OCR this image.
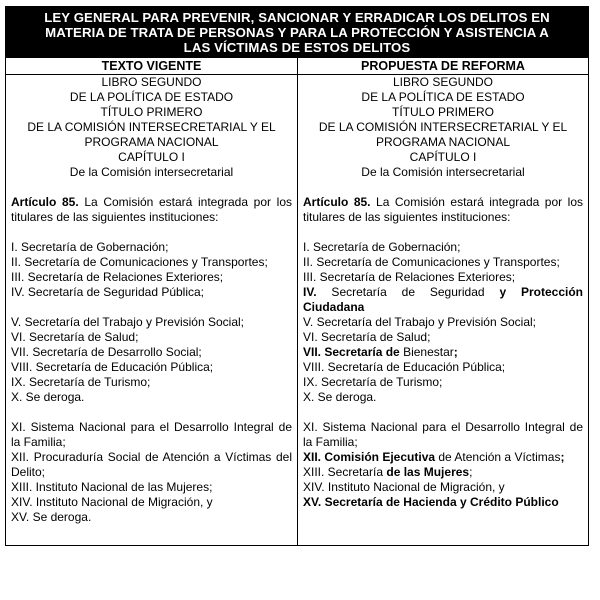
LEY GENERAL PARA PREVENIR, SANCIONAR Y ERRADICAR LOS DELITOS EN
MATERIA DE TRATA DE PERSONAS Y PARA LA PROTECCIÓN Y ASISTENCIA A
LAS VÍCTIMAS DE ESTOS DELITOS
TEXTO VIGENTE
LIBRO SEGUNDO
DE LA POLÍTICA DE ESTADO
TÍTULO PRIMERO
DE LA COMISIÓN INTERSECRETARIAL Y EL
PROGRAMA NACIONAL
CAPÍTULO I
De la Comisión intersecretarial
Artículo 85. La Comisión estará integrada por los titulares de las siguientes instituciones:
I. Secretaría de Gobernación;
II. Secretaría de Comunicaciones y Transportes;
III. Secretaría de Relaciones Exteriores;
IV. Secretaría de Seguridad Pública;
V. Secretaría del Trabajo y Previsión Social;
VI. Secretaría de Salud;
VII. Secretaría de Desarrollo Social;
VIII. Secretaría de Educación Pública;
IX. Secretaría de Turismo;
X. Se deroga.
XI. Sistema Nacional para el Desarrollo Integral de la Familia;
XII. Procuraduría Social de Atención a Víctimas del Delito;
XIII. Instituto Nacional de las Mujeres;
XIV. Instituto Nacional de Migración, y
XV. Se deroga.
PROPUESTA DE REFORMA
LIBRO SEGUNDO
DE LA POLÍTICA DE ESTADO
TÍTULO PRIMERO
DE LA COMISIÓN INTERSECRETARIAL Y EL
PROGRAMA NACIONAL
CAPÍTULO I
De la Comisión intersecretarial
Artículo 85. La Comisión estará integrada por los titulares de las siguientes instituciones:
I. Secretaría de Gobernación;
II. Secretaría de Comunicaciones y Transportes;
III. Secretaría de Relaciones Exteriores;
IV. Secretaría de Seguridad y Protección Ciudadana
V. Secretaría del Trabajo y Previsión Social;
VI. Secretaría de Salud;
VII. Secretaría de Bienestar;
VIII. Secretaría de Educación Pública;
IX. Secretaría de Turismo;
X. Se deroga.
XI. Sistema Nacional para el Desarrollo Integral de la Familia;
XII. Comisión Ejecutiva de Atención a Víctimas;
XIII. Secretaría de las Mujeres;
XIV. Instituto Nacional de Migración, y
XV. Secretaría de Hacienda y Crédito Público
